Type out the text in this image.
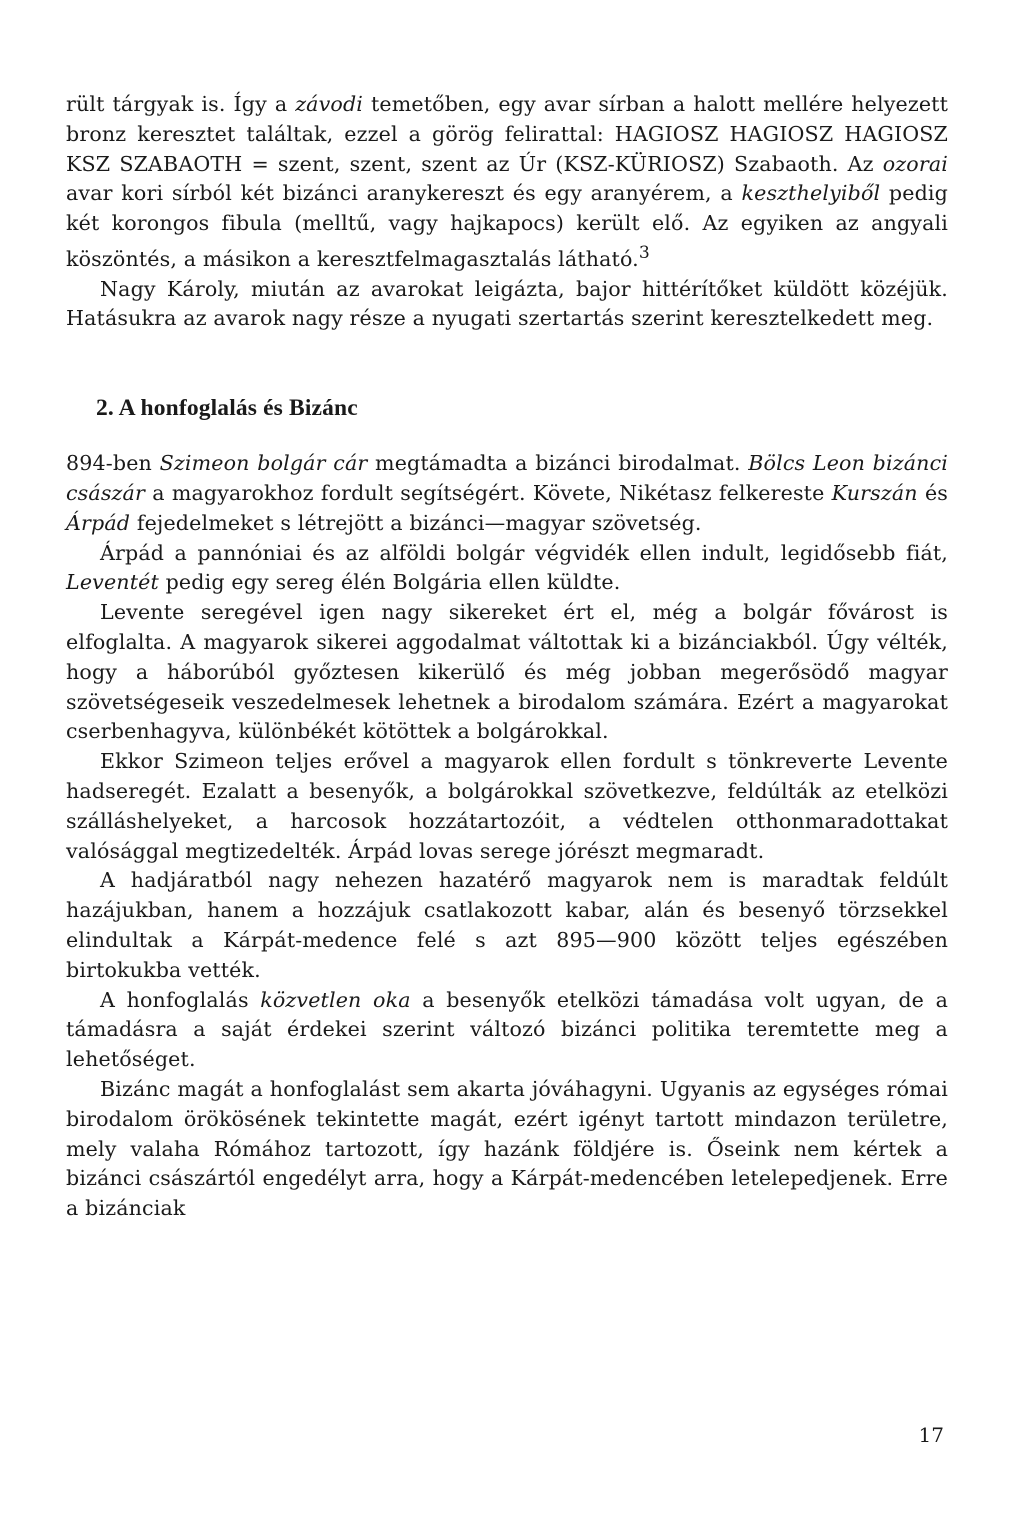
rült tárgyak is. Így a závodi temetőben, egy avar sírban a halott mellére helyezett bronz keresztet találtak, ezzel a görög felirattal: HAGIOSZ HAGIOSZ HAGIOSZ KSZ SZABAOTH = szent, szent, szent az Úr (KSZ-KÜRIOSZ) Szabaoth. Az ozorai avar kori sírból két bizánci aranykereszt és egy aranyérem, a keszthelyiből pedig két korongos fibula (melltű, vagy hajkapocs) került elő. Az egyiken az angyali köszöntés, a másikon a keresztfelmagasztalás látható.$^3$

Nagy Károly, miután az avarokat leigázta, bajor hittérítőket küldött közéjük. Hatásukra az avarok nagy része a nyugati szertartás szerint keresztelkedett meg.

2. A honfoglalás és Bizánc

894-ben Szimeon bolgár cár megtámadta a bizánci birodalmat. Bölcs Leon bizánci császár a magyarokhoz fordult segítségért. Követe, Nikétasz felkereste Kurszán és Árpád fejedelmeket s létrejött a bizánci—magyar szövetség.

Árpád a pannóniai és az alföldi bolgár végvidék ellen indult, legidősebb fiát, Leventét pedig egy sereg élén Bolgária ellen küldte.

Levente seregével igen nagy sikereket ért el, még a bolgár fővárost is elfoglalta. A magyarok sikerei aggodalmat váltottak ki a bizánciakból. Úgy vélték, hogy a háborúból győztesen kikerülő és még jobban megerősödő magyar szövetségeseik veszedelmesek lehetnek a birodalom számára. Ezért a magyarokat cserbenhagyva, különbékét kötöttek a bolgárokkal.

Ekkor Szimeon teljes erővel a magyarok ellen fordult s tönkreverte Levente hadseregét. Ezalatt a besenyők, a bolgárokkal szövetkezve, feldúlták az etelközi szálláshelyeket, a harcosok hozzátartozóit, a védtelen otthonmaradottakat valósággal megtizedelték. Árpád lovas serege jórészt megmaradt.

A hadjáratból nagy nehezen hazatérő magyarok nem is maradtak feldúlt hazájukban, hanem a hozzájuk csatlakozott kabar, alán és besenyő törzsekkel elindultak a Kárpát-medence felé s azt 895—900 között teljes egészében birtokukba vették.

A honfoglalás közvetlen oka a besenyők etelközi támadása volt ugyan, de a támadásra a saját érdekei szerint változó bizánci politika teremtette meg a lehetőséget.

Bizánc magát a honfoglalást sem akarta jóváhagyni. Ugyanis az egységes római birodalom örökösének tekintette magát, ezért igényt tartott mindazon területre, mely valaha Rómához tartozott, így hazánk földjére is. Őseink nem kértek a bizánci császártól engedélyt arra, hogy a Kárpát-medencében letelepedjenek. Erre a bizánciak

17
